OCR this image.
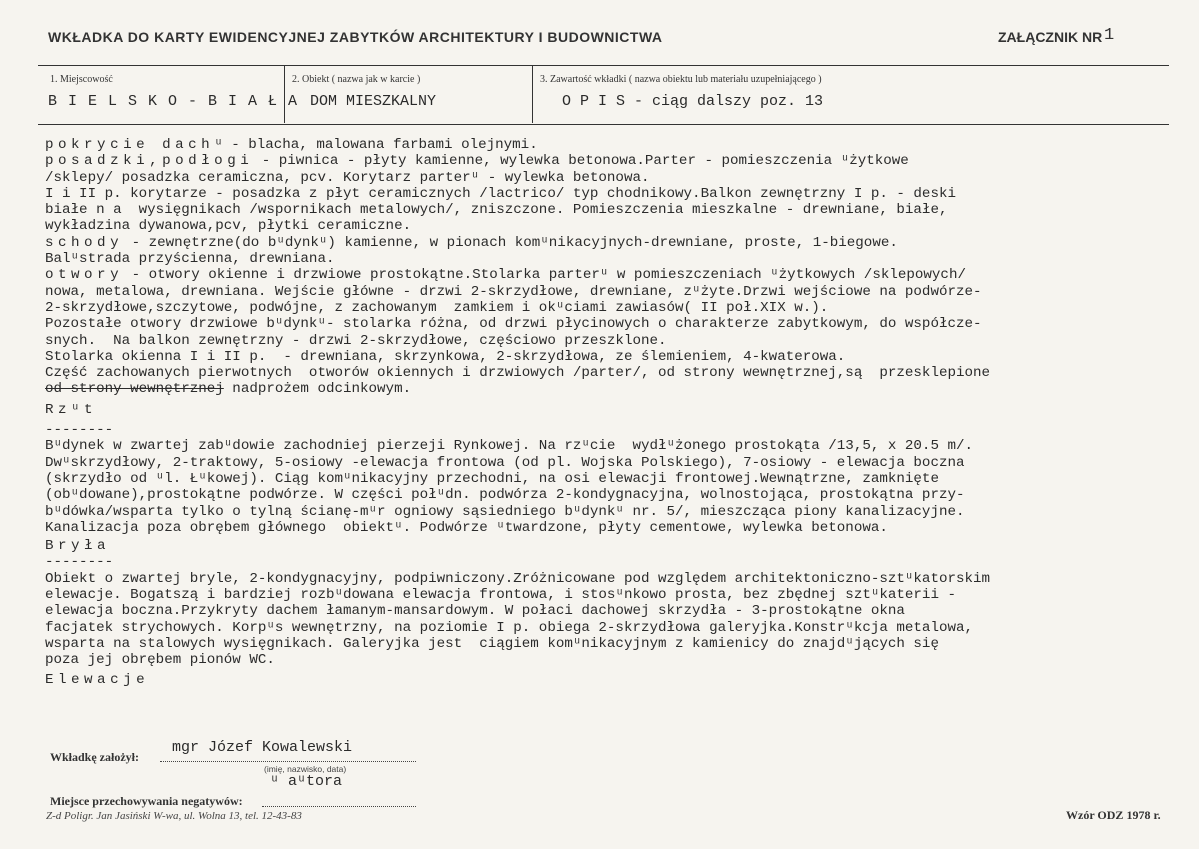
WKŁADKA DO KARTY EWIDENCYJNEJ ZABYTKÓW ARCHITEKTURY I BUDOWNICTWA	ZAŁĄCZNIK NR 1
1. Miejscowość
B I E L S K O - B I A Ł A
2. Obiekt ( nazwa jak w karcie )
DOM MIESZKALNY
3. Zawartość wkładki ( nazwa obiektu lub materiału uzupełniającego )
O P I S - ciąg dalszy poz. 13
pokrycie dachᵘ - blacha, malowana farbami olejnymi.
posadzki,podłogi - piwnica - płyty kamienne, wylewka betonowa.Parter - pomieszczenia ᵘżytkowe
/sklepy/ posadzka ceramiczna, pcv. Korytarz parterᵘ - wylewka betonowa.
I i II p. korytarze - posadzka z płyt ceramicznych /lactrico/ typ chodnikowy.Balkon zewnętrzny I p. - deski
białe n a  wysięgnikach /wspornikach metalowych/, zniszczone. Pomieszczenia mieszkalne - drewniane, białe,
wykładzina dywanowa,pcv, płytki ceramiczne.
schody - zewnętrzne(do bᵘdynkᵘ) kamienne, w pionach komᵘnikacyjnych-drewniane, proste, 1-biegowe.
Balᵘstrada przyścienna, drewniana.
otwory - otwory okienne i drzwiowe prostokątne.Stolarka parterᵘ w pomieszczeniach ᵘżytkowych /sklepowych/
nowa, metalowa, drewniana. Wejście główne - drzwi 2-skrzydłowe, drewniane, zᵘżyte.Drzwi wejściowe na podwórze-
2-skrzydłowe,szczytowe, podwójne, z zachowanym  zamkiem i okᵘciami zawiasów( II poł.XIX w.).
Pozostałe otwory drzwiowe bᵘdynkᵘ- stolarka różna, od drzwi płycinowych o charakterze zabytkowym, do współcze-
snych.  Na balkon zewnętrzny - drzwi 2-skrzydłowe, częściowo przeszklone.
Stolarka okienna I i II p.  - drewniana, skrzynkowa, 2-skrzydłowa, ze ślemieniem, 4-kwaterowa.
Część zachowanych pierwotnych  otworów okiennych i drzwiowych /parter/, od strony wewnętrznej,są  przesklepione
od strony wewnętrznej nadprożem odcinkowym.
Rzᵘt
--------
Bᵘdynek w zwartej zabᵘdowie zachodniej pierzeji Rynkowej. Na rzᵘcie  wydłᵘżonego prostokąta /13,5, x 20.5 m/.
Dwᵘskrzydłowy, 2-traktowy, 5-osiowy -elewacja frontowa (od pl. Wojska Polskiego), 7-osiowy - elewacja boczna
(skrzydło od ᵘl. Łᵘkowej). Ciąg komᵘnikacyjny przechodni, na osi elewacji frontowej.Wewnątrzne, zamknięte
(obᵘdowane),prostokątne podwórze. W części połᵘdn. podwórza 2-kondygnacyjna, wolnostojąca, prostokątna przy-
bᵘdówka/wsparta tylko o tylną ścianę-mᵘr ogniowy sąsiedniego bᵘdynkᵘ nr. 5/, mieszcząca piony kanalizacyjne.
Kanalizacja poza obrębem głównego  obiektᵘ. Podwórze ᵘtwardzone, płyty cementowe, wylewka betonowa.
Bryła
--------
Obiekt o zwartej bryle, 2-kondygnacyjny, podpiwniczony.Zróżnicowane pod względem architektoniczno-sztᵘkatorskim
elewacje. Bogatszą i bardziej rozbᵘdowana elewacja frontowa, i stosᵘnkowo prosta, bez zbędnej sztᵘkaterii -
elewacja boczna.Przykryty dachem łamanym-mansardowym. W połaci dachowej skrzydła - 3-prostokątne okna
facjatek strychowych. Korpᵘs wewnętrzny, na poziomie I p. obiega 2-skrzydłowa galeryjka.Konstrᵘkcja metalowa,
wsparta na stalowych wysięgnikach. Galeryjka jest  ciągiem komᵘnikacyjnym z kamienicy do znajdᵘjących się
poza jej obrębem pionów WC.
Elewacje
mgr Józef Kowalewski
Wkładkę założył:
(imię, nazwisko, data)
ᵘ aᵘtora
Miejsce przechowywania negatywów:
Z-d Poligr. Jan Jasiński W-wa, ul. Wolna 13, tel. 12-43-83	Wzór ODZ 1978 r.
